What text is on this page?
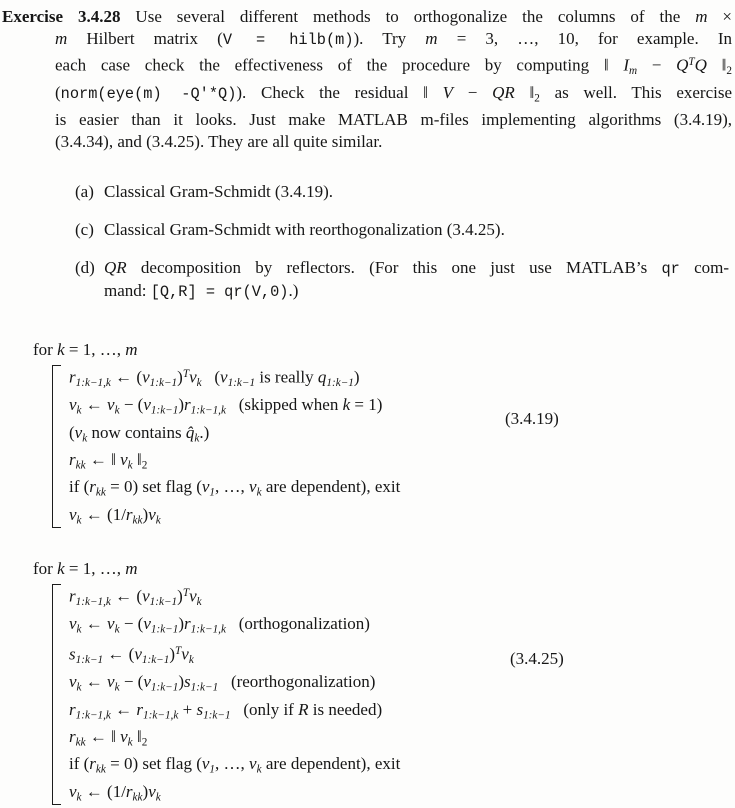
Exercise 3.4.28 Use several different methods to orthogonalize the columns of the m ×
m Hilbert matrix (V = hilb(m)). Try m = 3, …, 10, for example. In
each case check the effectiveness of the procedure by computing ‖ $Im - Q^TQ$ ‖2
(norm(eye(m) -Q'*Q)). Check the residual ‖ V − QR ‖2 as well. This exercise
is easier than it looks. Just make MATLAB m-files implementing algorithms (3.4.19),
(3.4.34), and (3.4.25). They are all quite similar.
(a) Classical Gram-Schmidt (3.4.19).
(c) Classical Gram-Schmidt with reorthogonalization (3.4.25).
(d) QR decomposition by reflectors. (For this one just use MATLAB’s qr com-
mand: [Q,R] = qr(V,0).)
for k = 1, …, m
r1:k−1,k ← (v1:k−1)$^T$vk   (v1:k−1 is really q1:k−1)
vk ← vk − (v1:k−1)r1:k−1,k   (skipped when k = 1)
(vk now contains q̂k.)
rkk ← ‖ vk ‖2
if (rkk = 0) set flag (v1, …, vk are dependent), exit
vk ← (1/rkk)vk
(3.4.19)
for k = 1, …, m
r1:k−1,k ← (v1:k−1)$^T$vk
vk ← vk − (v1:k−1)r1:k−1,k   (orthogonalization)
s1:k−1 ← (v1:k−1)$^T$vk
vk ← vk − (v1:k−1)s1:k−1   (reorthogonalization)
r1:k−1,k ← r1:k−1,k + s1:k−1   (only if R is needed)
rkk ← ‖ vk ‖2
if (rkk = 0) set flag (v1, …, vk are dependent), exit
vk ← (1/rkk)vk
(3.4.25)
